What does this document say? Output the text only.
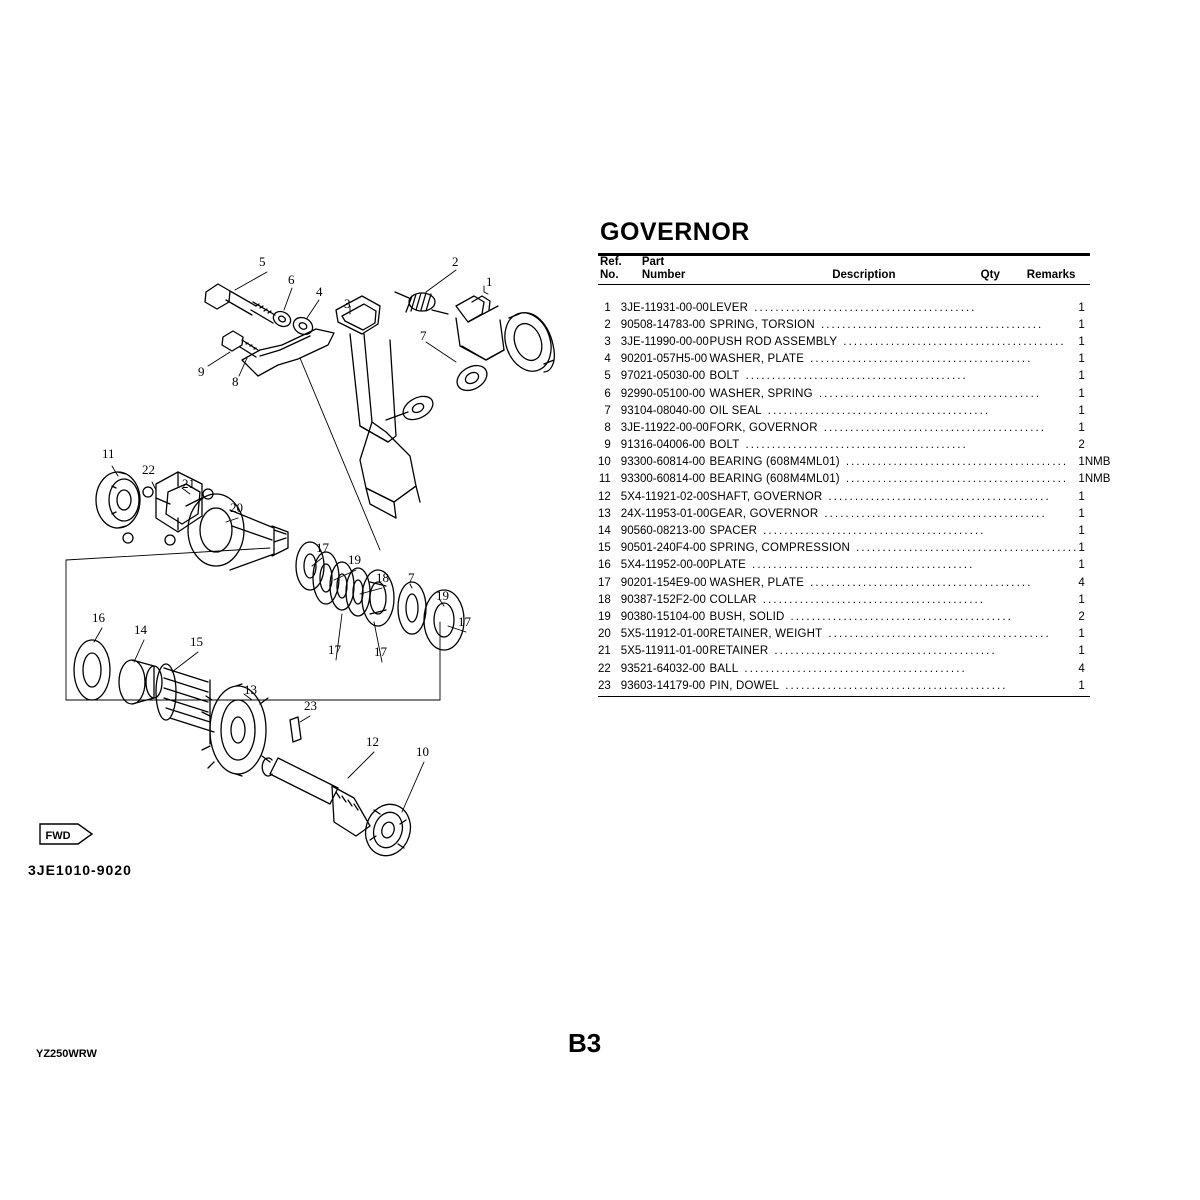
5	2
6
4
3
1
7
9
8
11
22
21
20
17
19
18 7
19
16
14
15
17	17
17
13
23
12
10
FWD
3JE1010-9020
YZ250WRW	B3
GOVERNOR
Ref.	Part			
No.	Number	Description	Qty	Remarks

1	3JE-11931-00-00	LEVER ..........................................	1	
2	90508-14783-00	SPRING, TORSION ..........................................	1	
3	3JE-11990-00-00	PUSH ROD ASSEMBLY ..........................................	1	
4	90201-057H5-00	WASHER, PLATE ..........................................	1	
5	97021-05030-00	BOLT ..........................................	1	
6	92990-05100-00	WASHER, SPRING ..........................................	1	
7	93104-08040-00	OIL SEAL ..........................................	1	
8	3JE-11922-00-00	FORK, GOVERNOR ..........................................	1	
9	91316-04006-00	BOLT ..........................................	2	
10	93300-60814-00	BEARING (608M4ML01) ..........................................	1	NMB
11	93300-60814-00	BEARING (608M4ML01) ..........................................	1	NMB
12	5X4-11921-02-00	SHAFT, GOVERNOR ..........................................	1	
13	24X-11953-01-00	GEAR, GOVERNOR ..........................................	1	
14	90560-08213-00	SPACER ..........................................	1	
15	90501-240F4-00	SPRING, COMPRESSION ..........................................	1	
16	5X4-11952-00-00	PLATE ..........................................	1	
17	90201-154E9-00	WASHER, PLATE ..........................................	4	
18	90387-152F2-00	COLLAR ..........................................	1	
19	90380-15104-00	BUSH, SOLID ..........................................	2	
20	5X5-11912-01-00	RETAINER, WEIGHT ..........................................	1	
21	5X5-11911-01-00	RETAINER ..........................................	1	
22	93521-64032-00	BALL ..........................................	4	
23	93603-14179-00	PIN, DOWEL ..........................................	1	
